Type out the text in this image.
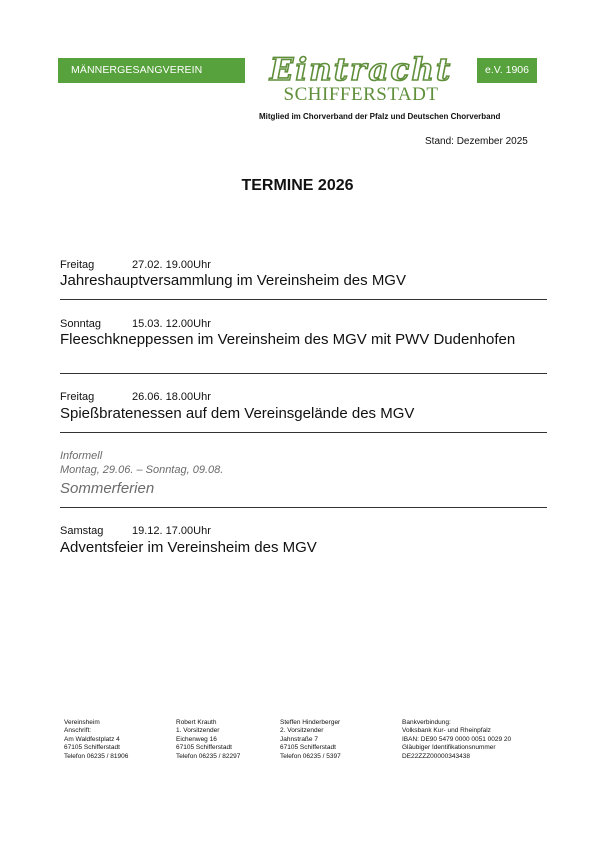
MÄNNERGESANGVEREIN	e.V. 1906
Eintracht
SCHIFFERSTADT
Mitglied im Chorverband der Pfalz und Deutschen Chorverband
Stand: Dezember 2025
TERMINE 2026
Freitag	27.02. 19.00Uhr
Jahreshauptversammlung im Vereinsheim des MGV
Sonntag	15.03. 12.00Uhr
Fleeschkneppessen im Vereinsheim des MGV mit PWV Dudenhofen
Freitag	26.06. 18.00Uhr
Spießbratenessen auf dem Vereinsgelände des MGV
Informell
Montag, 29.06. – Sonntag, 09.08.
Sommerferien
Samstag	19.12. 17.00Uhr
Adventsfeier im Vereinsheim des MGV
Vereinsheim
Anschrift:
Am Waldfestplatz 4
67105 Schifferstadt
Telefon 06235 / 81906
Robert Krauth
1. Vorsitzender
Eichenweg 16
67105 Schifferstadt
Telefon 06235 / 82297
Steffen Hinderberger
2. Vorsitzender
Jahnstraße 7
67105 Schifferstadt
Telefon 06235 / 5397
Bankverbindung:
Volksbank Kur- und Rheinpfalz
IBAN: DE90 5479 0000 0051 0029 20
Gläubiger Identifikationsnummer
DE22ZZZ00000343438
